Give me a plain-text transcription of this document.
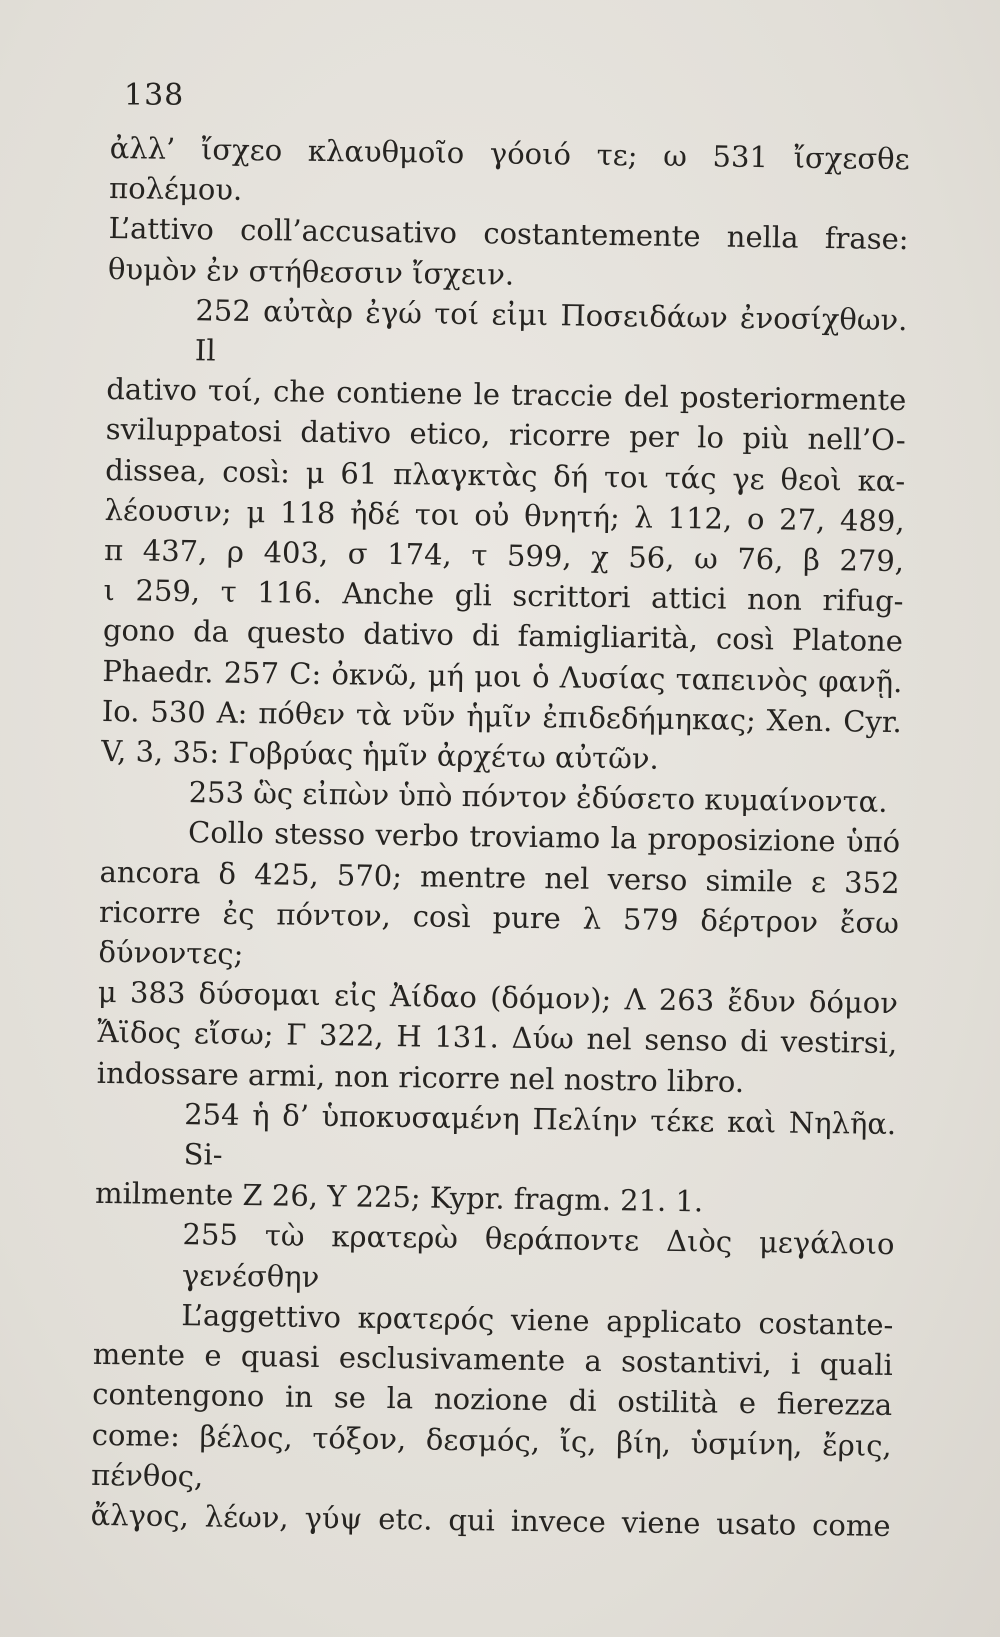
138
ἀλλ’ ἴσχεο κλαυθμοῖο γόοιό τε; ω 531 ἴσχεσθε πολέμου.
L’attivo coll’accusativo costantemente nella frase:
θυμὸν ἐν στήθεσσιν ἴσχειν.
252 αὐτὰρ ἐγώ τοί εἰμι Ποσειδάων ἐνοσίχθων. Il
dativo τοί, che contiene le traccie del posteriormente
sviluppatosi dativo etico, ricorre per lo più nell’O-
dissea, così: μ 61 πλαγκτὰς δή τοι τάς γε θεοὶ κα-
λέουσιν; μ 118 ἠδέ τοι οὐ θνητή; λ 112, ο 27, 489,
π 437, ρ 403, σ 174, τ 599, χ 56, ω 76, β 279,
ι 259, τ 116. Anche gli scrittori attici non rifug-
gono da questo dativo di famigliarità, così Platone
Phaedr. 257 C: ὀκνῶ, μή μοι ὁ Λυσίας ταπεινὸς φανῇ.
Io. 530 A: πόθεν τὰ νῦν ἡμῖν ἐπιδεδήμηκας; Xen. Cyr.
V, 3, 35: Γοβρύας ἡμῖν ἀρχέτω αὐτῶν.
253 ὣς εἰπὼν ὑπὸ πόντον ἐδύσετο κυμαίνοντα.
Collo stesso verbo troviamo la proposizione ὑπό
ancora δ 425, 570; mentre nel verso simile ε 352
ricorre ἐς πόντον, così pure λ 579 δέρτρον ἔσω δύνοντες;
μ 383 δύσομαι εἰς Ἀίδαο (δόμον); Λ 263 ἔδυν δόμον
Ἄϊδος εἴσω; Γ 322, Η 131. Δύω nel senso di vestirsi,
indossare armi, non ricorre nel nostro libro.
254 ἡ δ’ ὑποκυσαμένη Πελίην τέκε καὶ Νηλῆα. Si-
milmente Ζ 26, Υ 225; Kypr. fragm. 21. 1.
255 τὼ κρατερὼ θεράποντε Διὸς μεγάλοιο γενέσθην
L’aggettivo κρατερός viene applicato costante-
mente e quasi esclusivamente a sostantivi, i quali
contengono in se la nozione di ostilità e fierezza
come: βέλος, τόξον, δεσμός, ἴς, βίη, ὑσμίνη, ἔρις, πένθος,
ἄλγος, λέων, γύψ etc. qui invece viene usato come
